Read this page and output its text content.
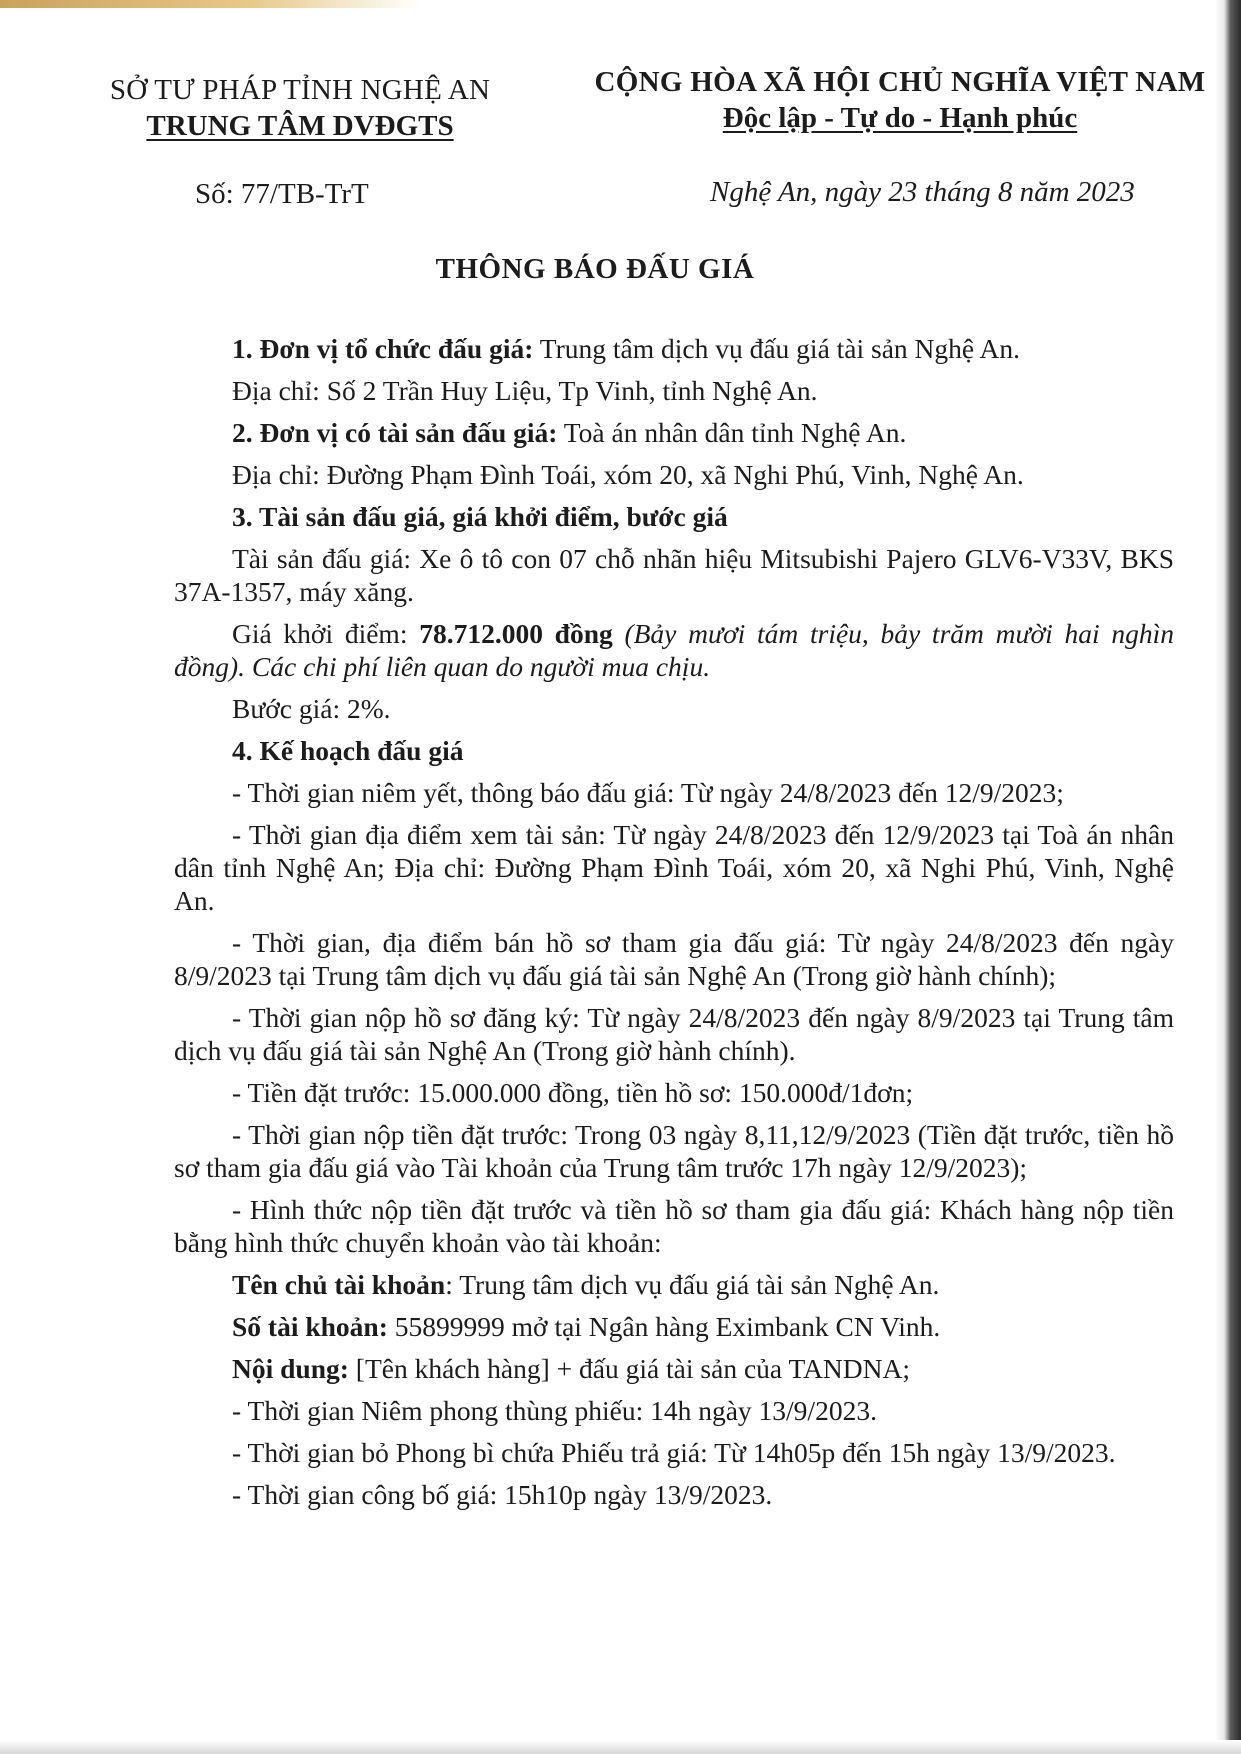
SỞ TƯ PHÁP TỈNH NGHỆ AN
TRUNG TÂM DVĐGTS
Số: 77/TB-TrT
CỘNG HÒA XÃ HỘI CHỦ NGHĨA VIỆT NAM
Độc lập - Tự do - Hạnh phúc
Nghệ An, ngày 23 tháng 8 năm 2023
THÔNG BÁO ĐẤU GIÁ

1. Đơn vị tổ chức đấu giá: Trung tâm dịch vụ đấu giá tài sản Nghệ An.

Địa chỉ: Số 2 Trần Huy Liệu, Tp Vinh, tỉnh Nghệ An.

2. Đơn vị có tài sản đấu giá: Toà án nhân dân tỉnh Nghệ An.

Địa chỉ: Đường Phạm Đình Toái, xóm 20, xã Nghi Phú, Vinh, Nghệ An.

3. Tài sản đấu giá, giá khởi điểm, bước giá

Tài sản đấu giá: Xe ô tô con 07 chỗ nhãn hiệu Mitsubishi Pajero GLV6-V33V, BKS 37A-1357, máy xăng.

Giá khởi điểm: 78.712.000 đồng (Bảy mươi tám triệu, bảy trăm mười hai nghìn đồng). Các chi phí liên quan do người mua chịu.

Bước giá: 2%.

4. Kế hoạch đấu giá

- Thời gian niêm yết, thông báo đấu giá: Từ ngày 24/8/2023 đến 12/9/2023;

- Thời gian địa điểm xem tài sản: Từ ngày 24/8/2023 đến 12/9/2023 tại Toà án nhân dân tỉnh Nghệ An; Địa chỉ: Đường Phạm Đình Toái, xóm 20, xã Nghi Phú, Vinh, Nghệ An.

- Thời gian, địa điểm bán hồ sơ tham gia đấu giá: Từ ngày 24/8/2023 đến ngày 8/9/2023 tại Trung tâm dịch vụ đấu giá tài sản Nghệ An (Trong giờ hành chính);

- Thời gian nộp hồ sơ đăng ký: Từ ngày 24/8/2023 đến ngày 8/9/2023 tại Trung tâm dịch vụ đấu giá tài sản Nghệ An (Trong giờ hành chính).

- Tiền đặt trước: 15.000.000 đồng, tiền hồ sơ: 150.000đ/1đơn;

- Thời gian nộp tiền đặt trước: Trong 03 ngày 8,11,12/9/2023 (Tiền đặt trước, tiền hồ sơ tham gia đấu giá vào Tài khoản của Trung tâm trước 17h ngày 12/9/2023);

- Hình thức nộp tiền đặt trước và tiền hồ sơ tham gia đấu giá: Khách hàng nộp tiền bằng hình thức chuyển khoản vào tài khoản:

Tên chủ tài khoản: Trung tâm dịch vụ đấu giá tài sản Nghệ An.

Số tài khoản: 55899999 mở tại Ngân hàng Eximbank CN Vinh.

Nội dung: [Tên khách hàng] + đấu giá tài sản của TANDNA;

- Thời gian Niêm phong thùng phiếu: 14h ngày 13/9/2023.

- Thời gian bỏ Phong bì chứa Phiếu trả giá: Từ 14h05p đến 15h ngày 13/9/2023.

- Thời gian công bố giá: 15h10p ngày 13/9/2023.
